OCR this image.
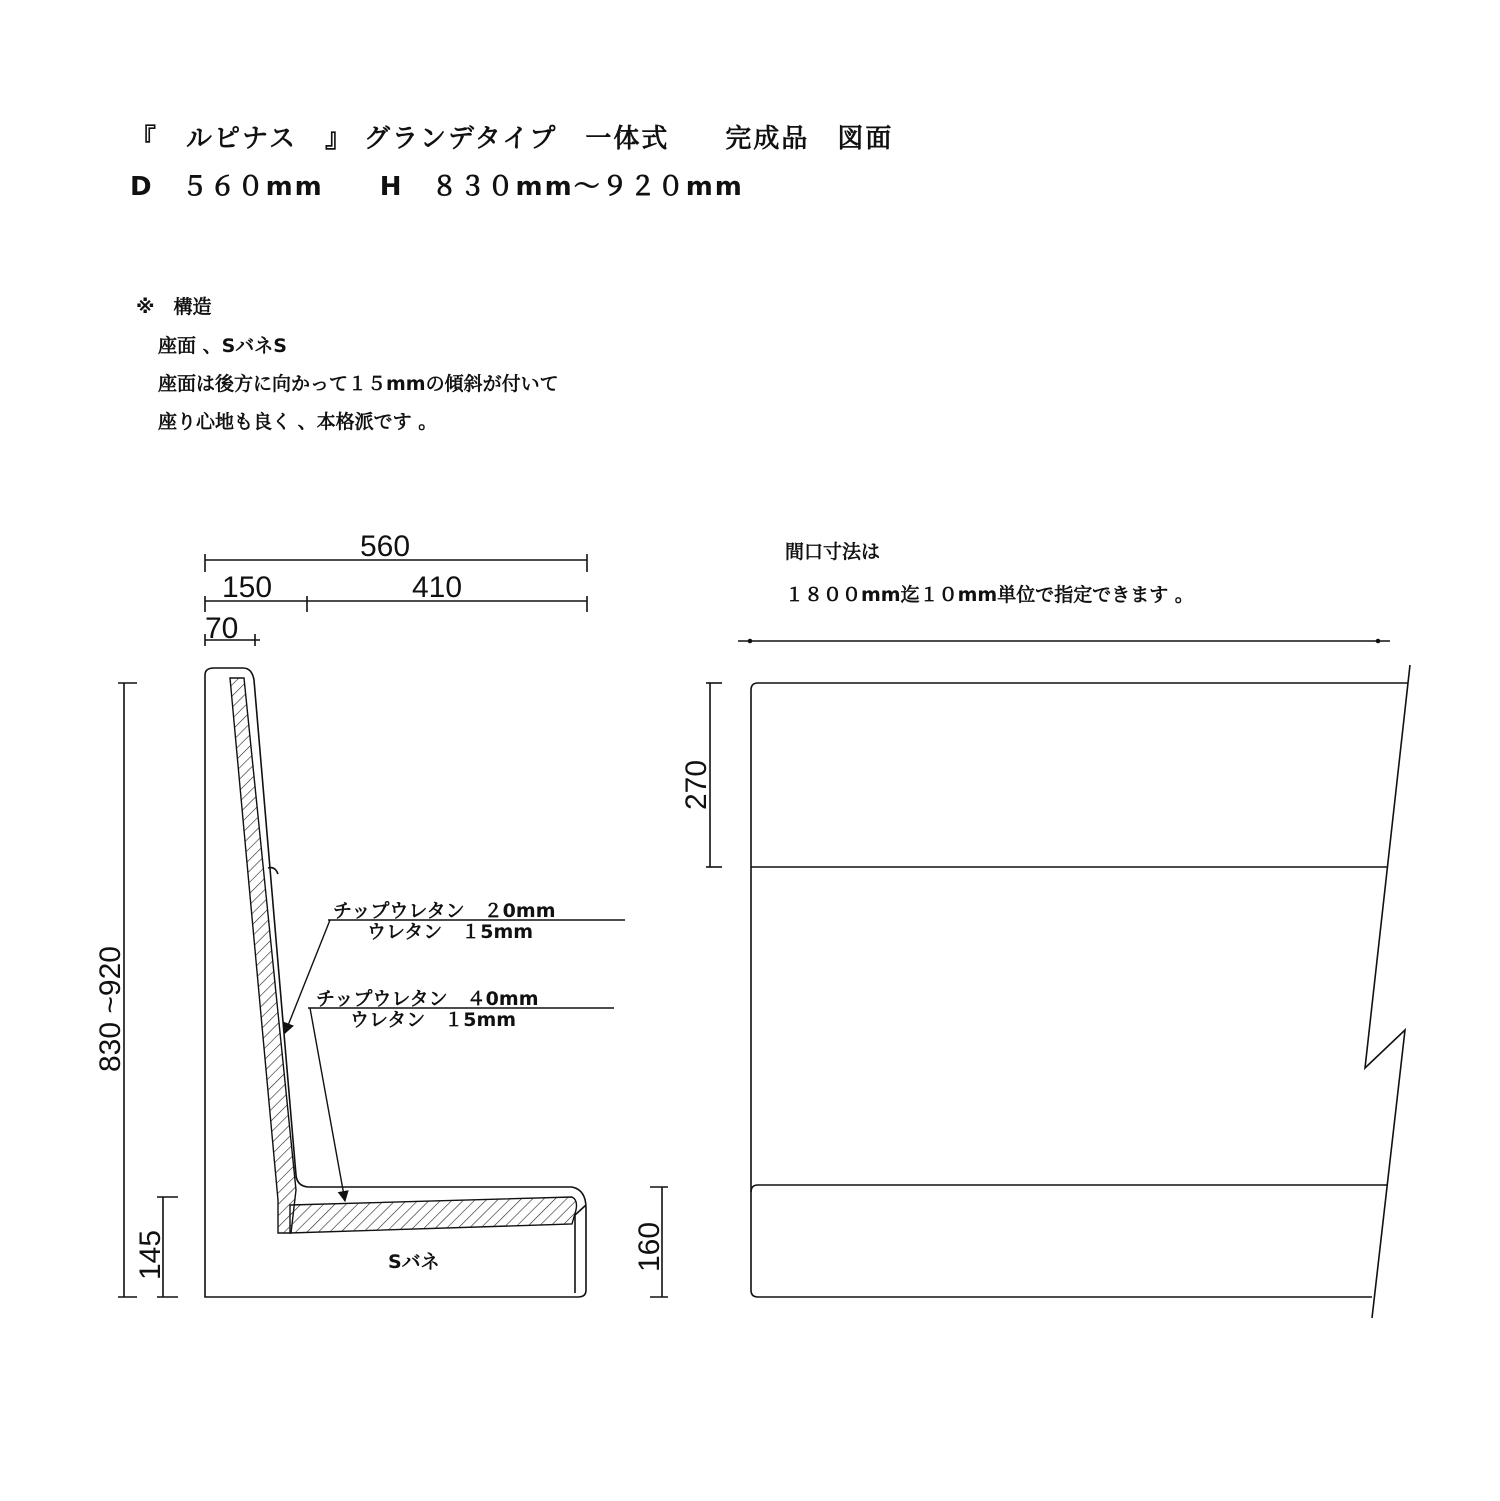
『　ルピナス　』 グランデタイプ　一体式　　完成品　図面
D　５６０mm　　H　８３０mm～９２０mm
※　構造
座面 、SバネS
座面は後方に向かって１５mmの傾斜が付いて
座り心地も良く 、本格派です 。
間口寸法は
１８００mm迄１０mm単位で指定できます 。
560
150	410
70
830 ~920
145	160
チップウレタン　２0mm
ウレタン　１5mm
チップウレタン　４0mm
ウレタン　１5mm
Sバネ
270
